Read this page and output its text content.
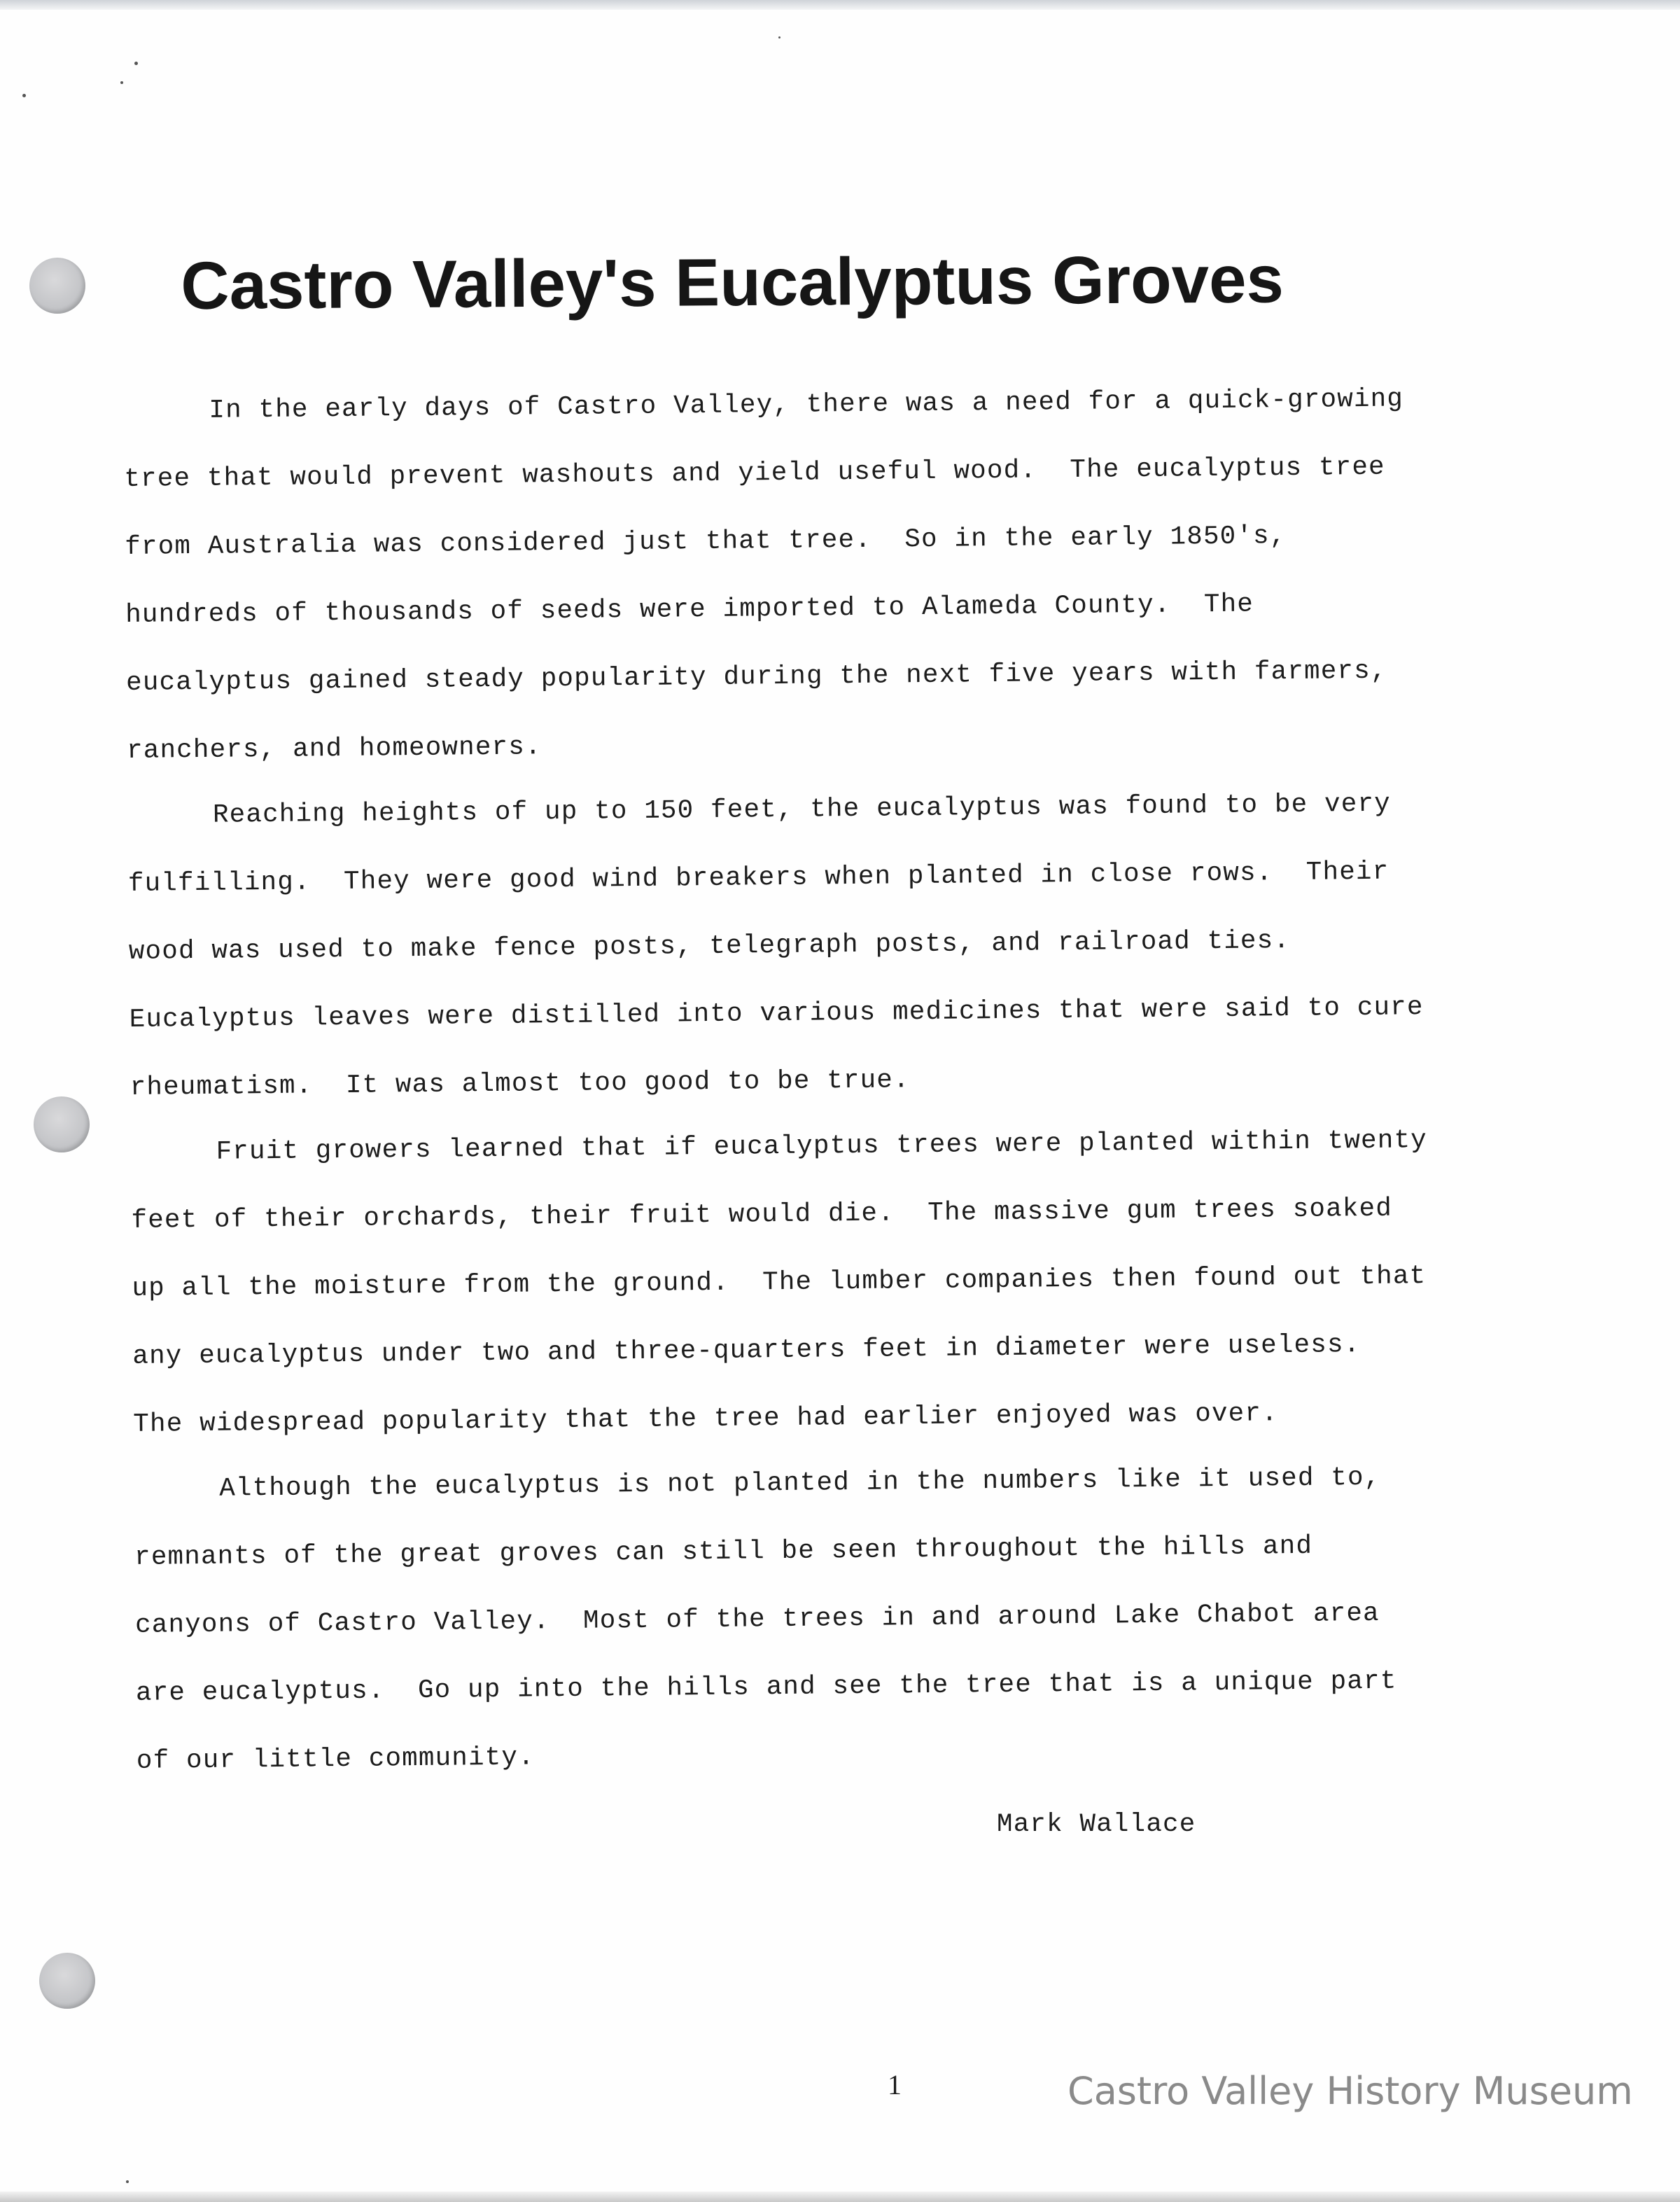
Castro Valley's Eucalyptus Groves
In the early days of Castro Valley, there was a need for a quick-growing
tree that would prevent washouts and yield useful wood.  The eucalyptus tree
from Australia was considered just that tree.  So in the early 1850's,
hundreds of thousands of seeds were imported to Alameda County.  The
eucalyptus gained steady popularity during the next five years with farmers,
ranchers, and homeowners.
Reaching heights of up to 150 feet, the eucalyptus was found to be very
fulfilling.  They were good wind breakers when planted in close rows.  Their
wood was used to make fence posts, telegraph posts, and railroad ties.
Eucalyptus leaves were distilled into various medicines that were said to cure
rheumatism.  It was almost too good to be true.
Fruit growers learned that if eucalyptus trees were planted within twenty
feet of their orchards, their fruit would die.  The massive gum trees soaked
up all the moisture from the ground.  The lumber companies then found out that
any eucalyptus under two and three-quarters feet in diameter were useless.
The widespread popularity that the tree had earlier enjoyed was over.
Although the eucalyptus is not planted in the numbers like it used to,
remnants of the great groves can still be seen throughout the hills and
canyons of Castro Valley.  Most of the trees in and around Lake Chabot area
are eucalyptus.  Go up into the hills and see the tree that is a unique part
of our little community.
Mark Wallace
1	Castro Valley History Museum
